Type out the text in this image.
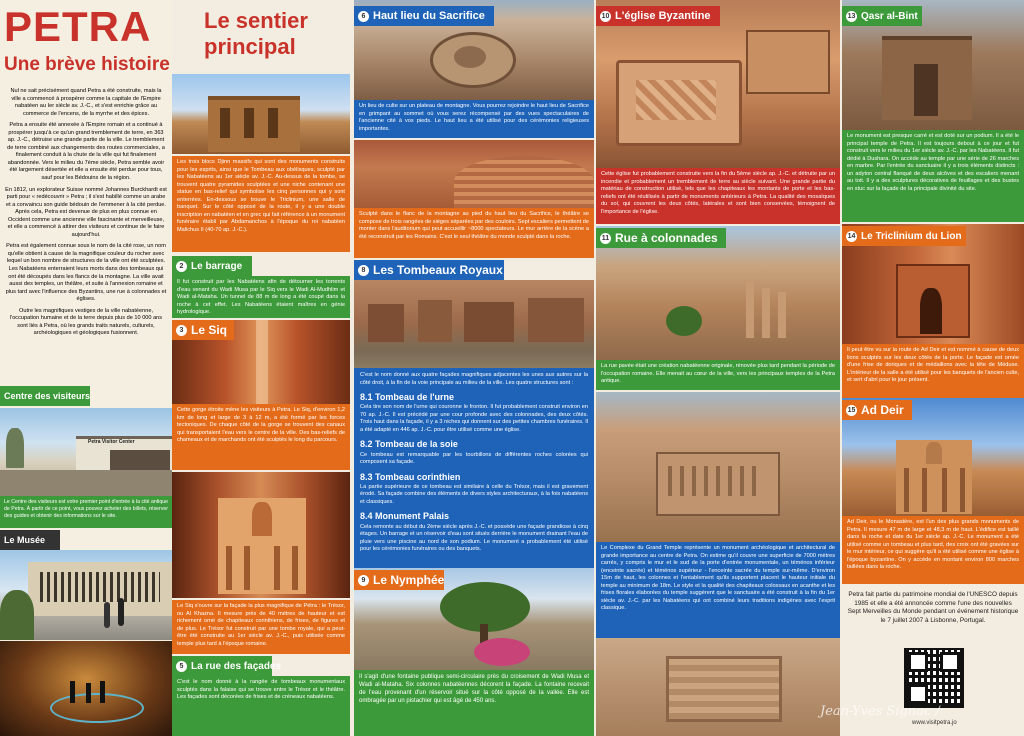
PETRA
Une brève histoire

Nul ne sait précisément quand Petra a été construite, mais la ville a commencé à prospérer comme la capitale de l'Empire nabatéen au Ier siècle av. J.-C., et s'est enrichie grâce au commerce de l'encens, de la myrrhe et des épices.

Petra a ensuite été annexée à l'Empire romain et a continué à prospérer jusqu'à ce qu'un grand tremblement de terre, en 363 ap. J.-C., détruise une grande partie de la ville. Le tremblement de terre combiné aux changements des routes commerciales, a finalement conduit à la chute de la ville qui fut finalement abandonnée. Vers le milieu du 7ème siècle, Petra semble avoir été largement désertée et elle a ensuite été perdue pour tous, sauf pour les Bédouins de la région.

En 1812, un explorateur Suisse nommé Johannes Burckhardt est parti pour « redécouvrir » Petra ; il s'est habillé comme un arabe et a convaincu son guide bédouin de l'emmener à la cité perdue. Après cela, Petra est devenue de plus en plus connue en Occident comme une ancienne ville fascinante et merveilleuse, et elle a commencé à attirer des visiteurs et continue de le faire aujourd'hui.

Petra est également connue sous le nom de la cité rose, un nom qu'elle obtient à cause de la magnifique couleur du rocher avec lequel un bon nombre de structures de la ville ont été sculptées. Les Nabatéens enterraient leurs morts dans des tombeaux qui ont été découpés dans les flancs de la montagne. La ville avait aussi des temples, un théâtre, et suite à l'annexion romaine et plus tard avec l'influence des Byzantins, une rue à colonnades et églises.

Outre les magnifiques vestiges de la ville nabatéenne, l'occupation humaine et de la terre depuis plus de 10 000 ans sont liés à Petra, où les grands traits naturels, culturels, archéologiques et géologiques fusionnent.

Centre des visiteurs
Petra Visitor Center
Le Centre des visiteurs est votre premier point d'entrée à la cité antique de Petra. À partir de ce point, vous pouvez acheter des billets, réserver des guides et obtenir des informations sur le site.
Le Musée
Le sentier
principal
Les trois blocs Djinn massifs qui sont des monuments construits pour les esprits, ainsi que le Tombeau aux obélisques, sculpté par les Nabatéens au 1er siècle av. J.-C. Au-dessus de la tombe, se trouvent quatre pyramides sculptées et une niche contenant une statue en bas-relief qui symbolise les cinq personnes qui y sont enterrées. En-dessous se trouve le Triclinium, une salle de banquet. Sur le côté opposé de la route, il y a une double inscription en nabatéen et en grec qui fait référence à un monument funéraire établi par Abdamanchos à l'époque du roi nabatéen Malichus II (40-70 ap. J.-C.).
2 Le barrage
Il fut construit par les Nabatéens afin de détourner les torrents d'eau venant du Wadi Musa par le Siq vers le Wadi Al-Mudhlim et Wadi al-Mataha. Un tunnel de 88 m de long a été coupé dans la roche à cet effet. Les Nabatéens étaient maîtres en génie hydrologique.
3 Le Siq
Cette gorge étroite mène les visiteurs à Petra. Le Siq, d'environ 1,2 km de long et large de 3 à 12 m, a été formé par les forces tectoniques. De chaque côté de la gorge se trouvent des canaux qui transportaient l'eau vers le centre de la ville. Des bas-reliefs de chameaux et de marchands ont été sculptés le long du parcours.
Le Siq s'ouvre sur la façade la plus magnifique de Pétra : le Trésor, ou Al Khazna. Il mesure près de 40 mètres de hauteur et est richement orné de chapiteaux corinthiens, de frises, de figures et de plus. Le Trésor fut construit par une tombe royale, qui a peut-être été construite au 1er siècle av. J.-C., puis utilisée comme temple plus tard à l'époque romaine.
5 La rue des façades
C'est le nom donné à la rangée de tombeaux monumentaux sculptés dans la falaise qui se trouve entre le Trésor et le théâtre. Les façades sont décorées de frises et de créneaux nabatéens.
6 Haut lieu du Sacrifice
Un lieu de culte sur un plateau de montagne. Vous pourrez rejoindre le haut lieu de Sacrifice en grimpant au sommet où vous serez récompensé par des vues spectaculaires de l'ancienne cité à vos pieds. Le haut lieu a été utilisé pour des cérémonies religieuses importantes.
Sculpté dans le flanc de la montagne au pied du haut lieu du Sacrifice, le théâtre se compose de trois rangées de sièges séparées par des couloirs. Sept escaliers permettent de monter dans l'auditorium qui peut accueillir ~8000 spectateurs. Le mur arrière de la scène a été reconstruit par les Romains. C'est le seul théâtre du monde sculpté dans la roche.
8 Les Tombeaux Royaux

C'est le nom donné aux quatre façades magnifiques adjacentes les unes aux autres sur la côté droit, à la fin de la voie principale au milieu de la ville. Les quatre structures sont :

8.1 Tombeau de l'urne

Cela tire son nom de l'urne qui couronne le fronton. Il fut probablement construit environ en 70 ap. J.-C. Il est précédé par une cour profonde avec des colonnades, des deux côtés. Trois haut dans la façade, il y a 3 niches qui donnent sur des petites chambres funéraires. Il a été adapté en 446 ap. J.-C. pour être utilisé comme une église.

8.2 Tombeau de la soie

Ce tombeau est remarquable par les tourbillons de différentes roches colorées qui composent sa façade.

8.3 Tombeau corinthien

La partie supérieure de ce tombeau est similaire à celle du Trésor, mais il est gravement érodé. Sa façade combine des éléments de divers styles architecturaux, à la fois nabatéens et classiques.

8.4 Monument Palais

Cela remonte au début du 2ème siècle après J.-C. et possède une façade grandiose à cinq étages. Un barrage et un réservoir d'eau sont situés derrière le monument drainant l'eau de pluie vers une piscine au nord de son podium. Le monument a probablement été utilisé pour les cérémonies funéraires ou des banquets.

9 Le Nymphée
Il s'agit d'une fontaine publique semi-circulaire près du croisement de Wadi Musa et Wadi al-Mataha. Six colonnes nabatéennes décorent la façade. La fontaine recevait de l'eau provenant d'un réservoir situé sur la côté opposé de la vallée. Elle est ombragée par un pistachier qui est âgé de 450 ans.
10 L'église Byzantine
Cette église fut probablement construite vers la fin du 5ème siècle ap. J.-C. et détruite par un incendie et probablement un tremblement de terre au siècle suivant. Une grande partie du matériau de construction utilisé, tels que les chapiteaux les montants de porte et les bas-reliefs ont été réutilisés à partir de monuments antérieurs à Petra. La qualité des mosaïques du sol, qui couvrent les deux côtés, latérales et sont bien conservées, témoignent de l'importance de l'église.
11 Rue à colonnades
La rue pavée était une création nabatéenne originale, rénovée plus tard pendant la période de l'occupation romaine. Elle menait au cœur de la ville, vers les principaux temples de la Petra antique.
Le Complexe du Grand Temple représente un monument archéologique et architectural de grande importance au centre de Petra. On estime qu'il couvre une superficie de 7000 mètres carrés, y compris le mur et le sud de la porte d'entrée monumentale, un téménos inférieur (enceinte sacrée) et téménos supérieur - l'enceinte sacrée du temple sur-même. D'environ 15m de haut, les colonnes et l'entablement qu'ils supportent placent le hauteur initiale du temple au minimum de 18m. Le style et la qualité des chapiteaux colossaux en acanthe et les frises florales élaborées du temple suggèrent que le sanctuaire a été construit à la fin du 1er siècle av. J.-C. par les Nabatéens qui ont combiné leurs traditions indigènes avec l'esprit classique.
13 Qasr al-Bint
Le monument est presque carré et est doté sur un podium. Il a été le principal temple de Petra. Il est toujours debout à ce jour et fut construit vers le milieu du 1er siècle av. J.-C. par les Nabatéens. Il fut dédié à Dushara. On accède au temple par une série de 26 marches en marbre. Par l'entrée du sanctuaire il y a trois éléments distincts : un adyton central flanqué de deux alcôves et des escaliers menant au toit. Il y a des sculptures décoratives de feuillages et des bustes en stuc sur la façade de la principale divinité du site.
14 Le Triclinium du Lion
Il peut être vu sur la route de Ad Deir et est nommé à cause de deux lions sculptés sur les deux côtés de la porte. Le façade est ornée d'une frise de doriques et de médaillons avec la tête de Méduse. L'intérieur de la salle a été utilisé pour les banquets de l'ancien culte, et sert d'abri pour le jour présent.
15 Ad Deir
Ad Deir, ou le Monastère, est l'un des plus grands monuments de Petra. Il mesure 47 m de large et 48,3 m de haut. L'édifice est taillé dans la roche et date du 1er siècle ap. J.-C. Le monument a été utilisé comme un tombeau et plus tard, des croix ont été gravées sur le mur intérieur, ce qui suggère qu'il a été utilisé comme une église à l'époque byzantine. On y accède en montant environ 800 marches taillées dans la roche.
Petra fait partie du patrimoine mondial de l'UNESCO depuis 1985 et elle a été annoncée comme l'une des nouvelles Sept Merveilles du Monde pendant un événement historique le 7 juillet 2007 à Lisbonne, Portugal.
www.visitpetra.jo
Jean-Yves Signac /
